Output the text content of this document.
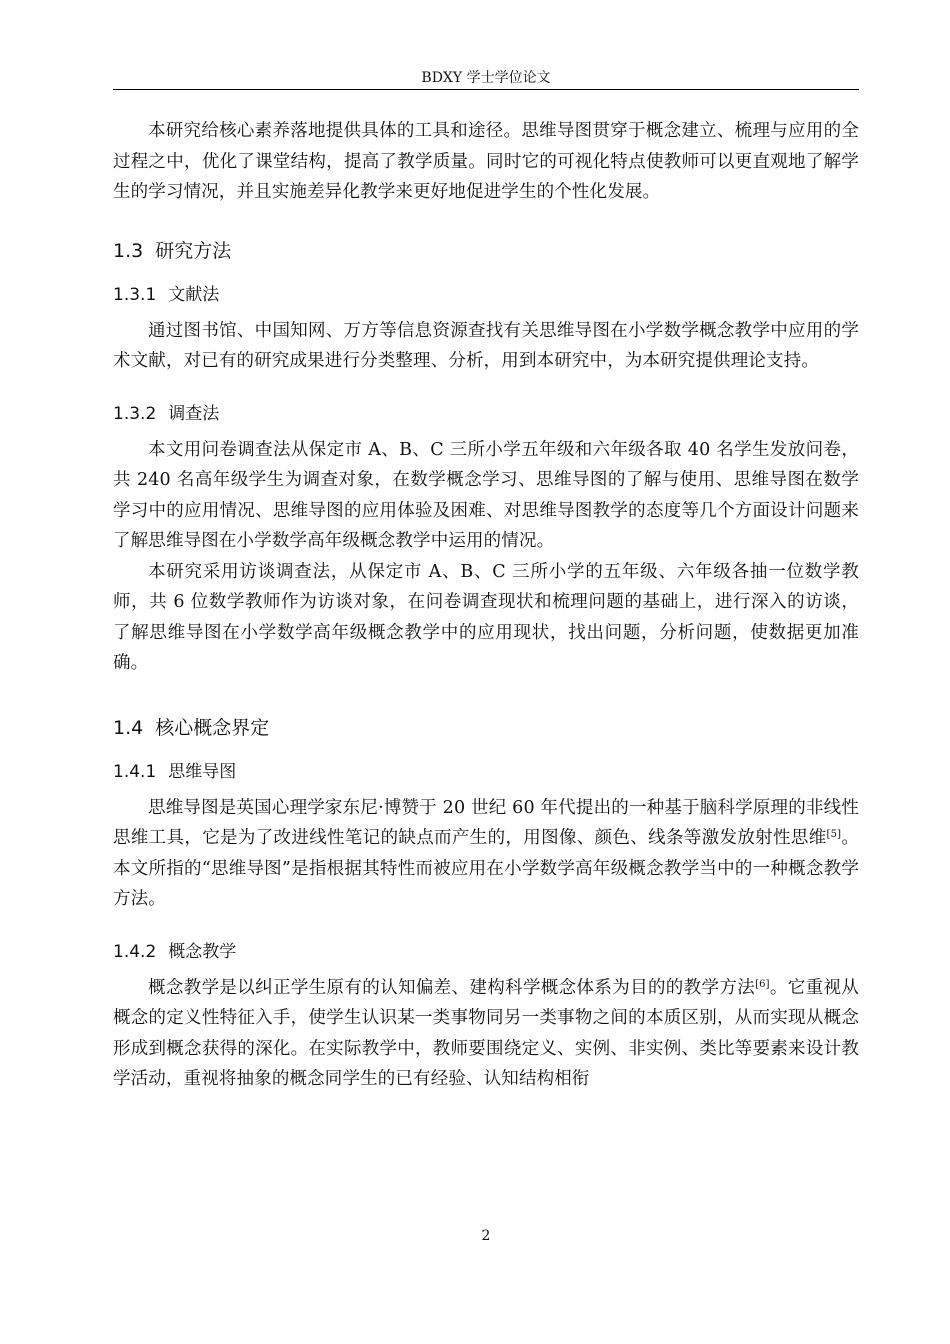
BDXY 学士学位论文

本研究给核心素养落地提供具体的工具和途径。思维导图贯穿于概念建立、梳理与应用的全过程之中，优化了课堂结构，提高了教学质量。同时它的可视化特点使教师可以更直观地了解学生的学习情况，并且实施差异化教学来更好地促进学生的个性化发展。

1.3 研究方法
1.3.1 文献法

通过图书馆、中国知网、万方等信息资源查找有关思维导图在小学数学概念教学中应用的学术文献，对已有的研究成果进行分类整理、分析，用到本研究中，为本研究提供理论支持。

1.3.2 调查法

本文用问卷调查法从保定市 A、B、C 三所小学五年级和六年级各取 40 名学生发放问卷，共 240 名高年级学生为调查对象，在数学概念学习、思维导图的了解与使用、思维导图在数学学习中的应用情况、思维导图的应用体验及困难、对思维导图教学的态度等几个方面设计问题来了解思维导图在小学数学高年级概念教学中运用的情况。

本研究采用访谈调查法，从保定市 A、B、C 三所小学的五年级、六年级各抽一位数学教师，共 6 位数学教师作为访谈对象，在问卷调查现状和梳理问题的基础上，进行深入的访谈，了解思维导图在小学数学高年级概念教学中的应用现状，找出问题，分析问题，使数据更加准确。

1.4 核心概念界定
1.4.1 思维导图

思维导图是英国心理学家东尼·博赞于 20 世纪 60 年代提出的一种基于脑科学原理的非线性思维工具，它是为了改进线性笔记的缺点而产生的，用图像、颜色、线条等激发放射性思维[5]。本文所指的“思维导图”是指根据其特性而被应用在小学数学高年级概念教学当中的一种概念教学方法。

1.4.2 概念教学

概念教学是以纠正学生原有的认知偏差、建构科学概念体系为目的的教学方法[6]。它重视从概念的定义性特征入手，使学生认识某一类事物同另一类事物之间的本质区别，从而实现从概念形成到概念获得的深化。在实际教学中，教师要围绕定义、实例、非实例、类比等要素来设计教学活动，重视将抽象的概念同学生的已有经验、认知结构相衔

2
